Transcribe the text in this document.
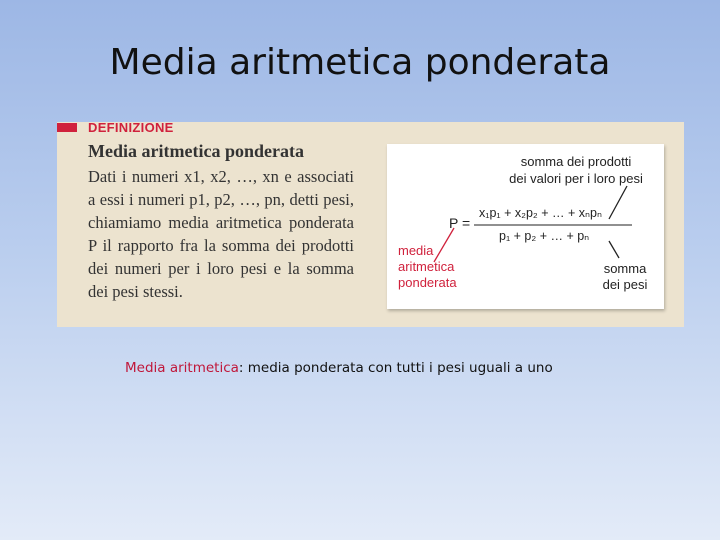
Media aritmetica ponderata
DEFINIZIONE
Media aritmetica ponderata
Dati i numeri x1, x2, …, xn e associati a essi i numeri p1, p2, …, pn, detti pesi, chiamiamo media aritmetica ponderata P il rapporto fra la somma dei prodotti dei numeri per i loro pesi e la somma dei pesi stessi.
somma dei prodotti
dei valori per i loro pesi
P =
x₁p₁ + x₂p₂ + … + xₙpₙ
p₁ + p₂ + … + pₙ
media
aritmetica
ponderata
somma
dei pesi
Media aritmetica: media ponderata con tutti i pesi uguali a uno
